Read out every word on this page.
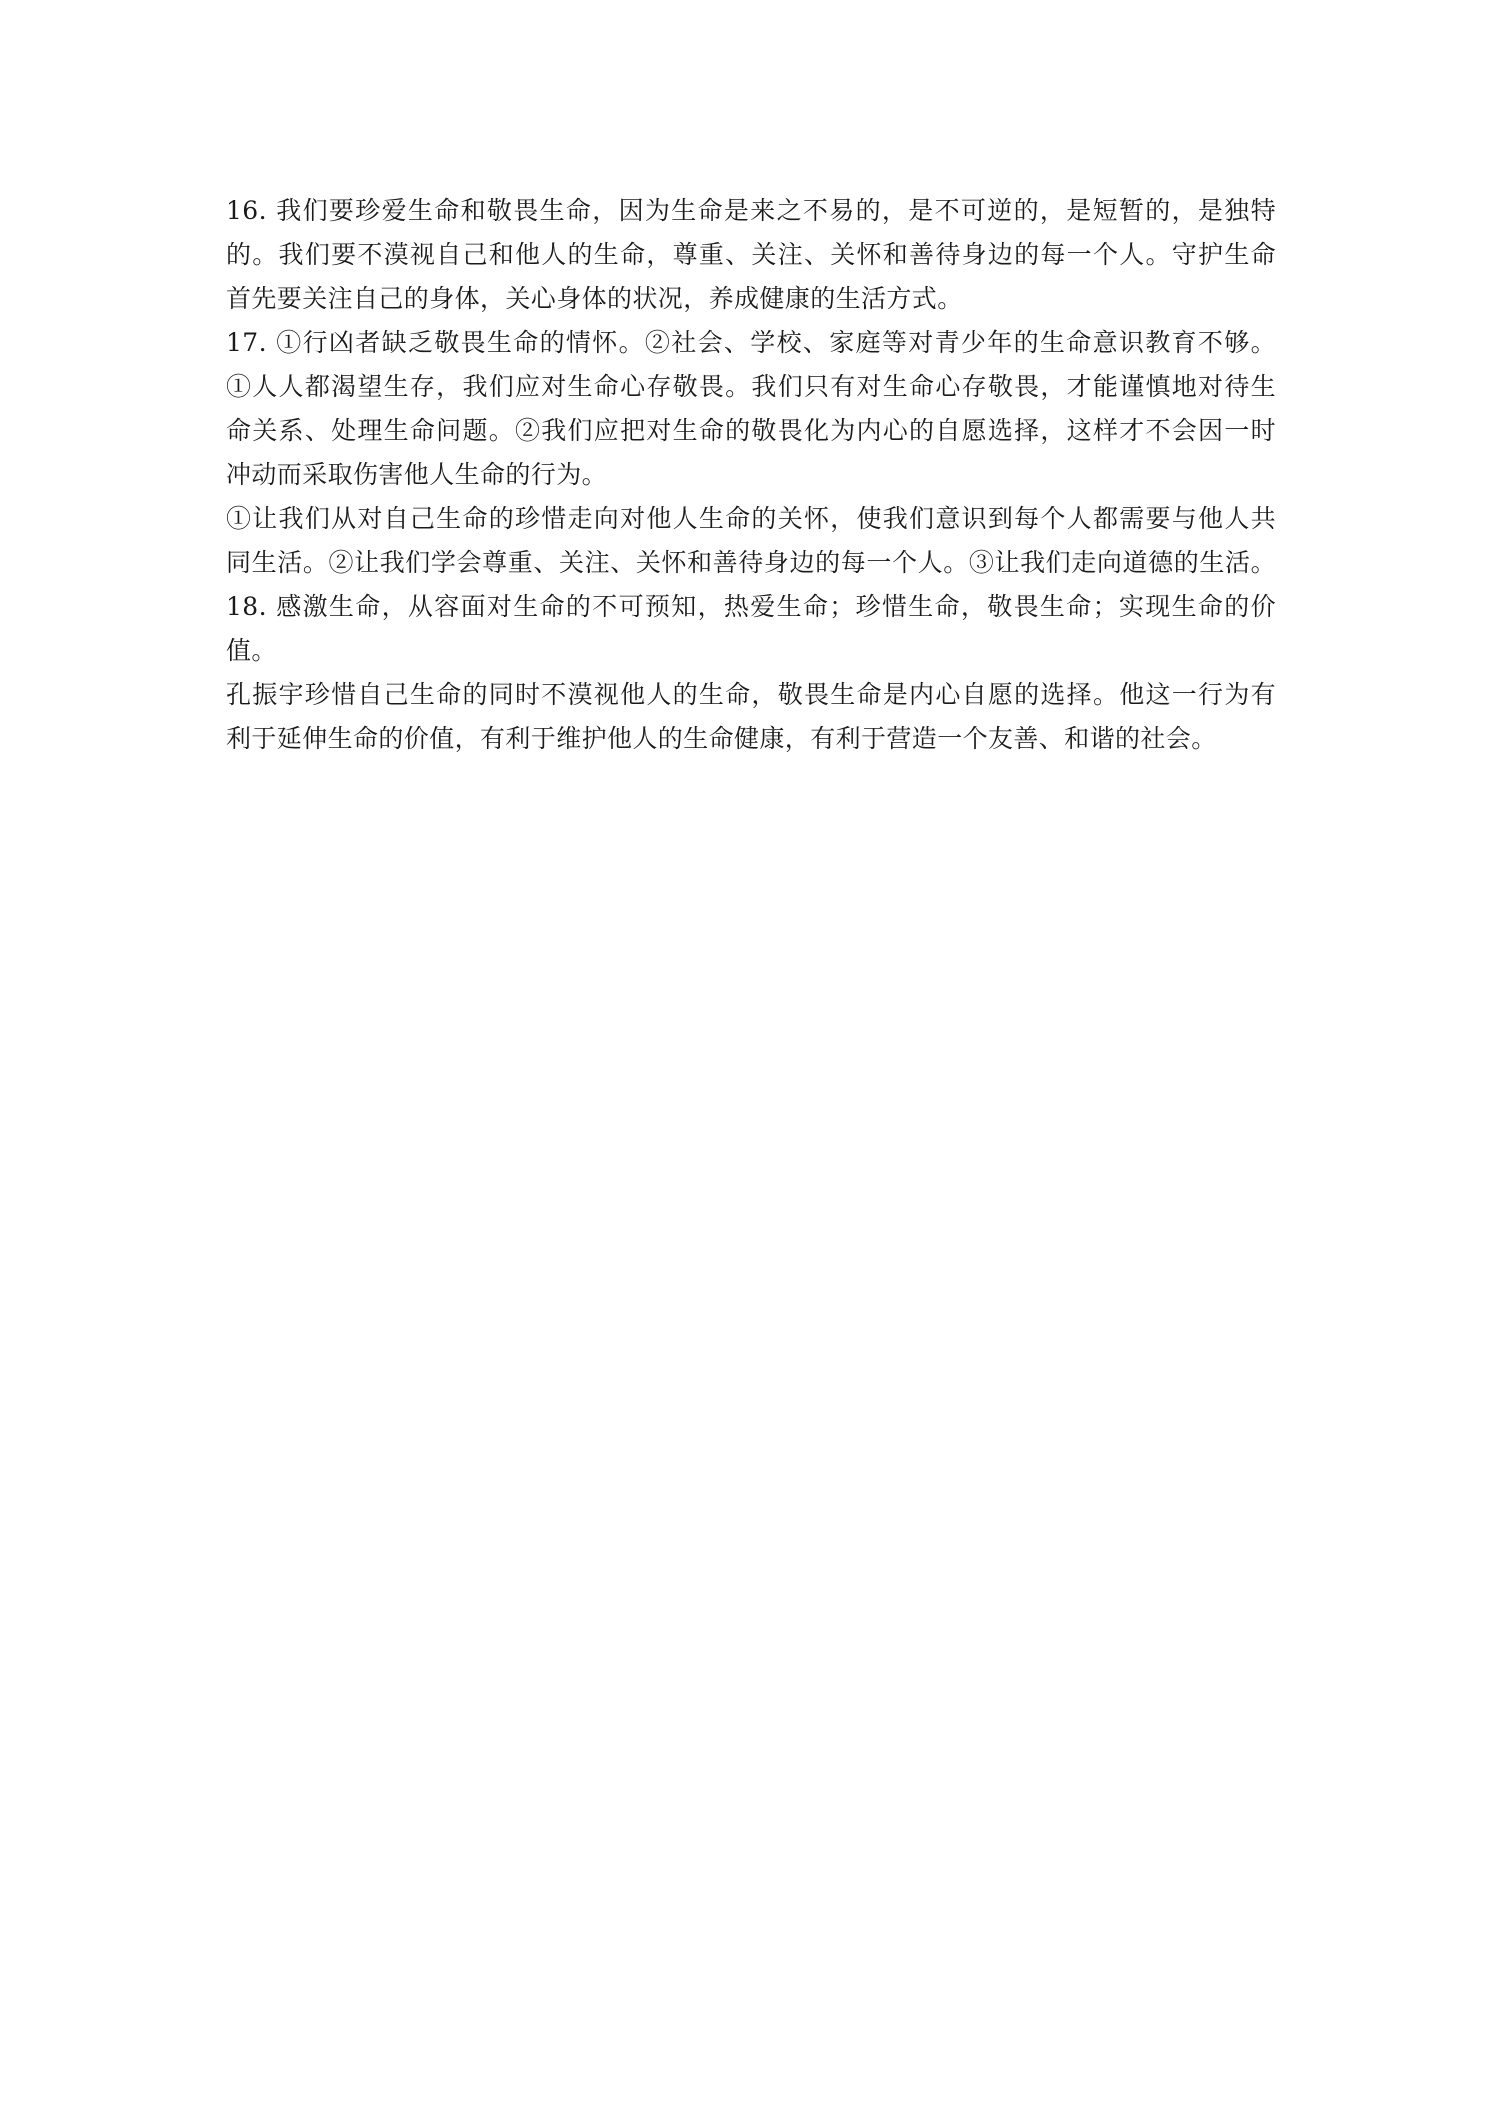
16. 我们要珍爱生命和敬畏生命，因为生命是来之不易的，是不可逆的，是短暂的，是独特
的。我们要不漠视自己和他人的生命，尊重、关注、关怀和善待身边的每一个人。守护生命
首先要关注自己的身体，关心身体的状况，养成健康的生活方式。
17. ①行凶者缺乏敬畏生命的情怀。②社会、学校、家庭等对青少年的生命意识教育不够。
①人人都渴望生存，我们应对生命心存敬畏。我们只有对生命心存敬畏，才能谨慎地对待生
命关系、处理生命问题。②我们应把对生命的敬畏化为内心的自愿选择，这样才不会因一时
冲动而采取伤害他人生命的行为。
①让我们从对自己生命的珍惜走向对他人生命的关怀，使我们意识到每个人都需要与他人共
同生活。②让我们学会尊重、关注、关怀和善待身边的每一个人。③让我们走向道德的生活。
18. 感激生命，从容面对生命的不可预知，热爱生命；珍惜生命，敬畏生命；实现生命的价
值。
孔振宇珍惜自己生命的同时不漠视他人的生命，敬畏生命是内心自愿的选择。他这一行为有
利于延伸生命的价值，有利于维护他人的生命健康，有利于营造一个友善、和谐的社会。
